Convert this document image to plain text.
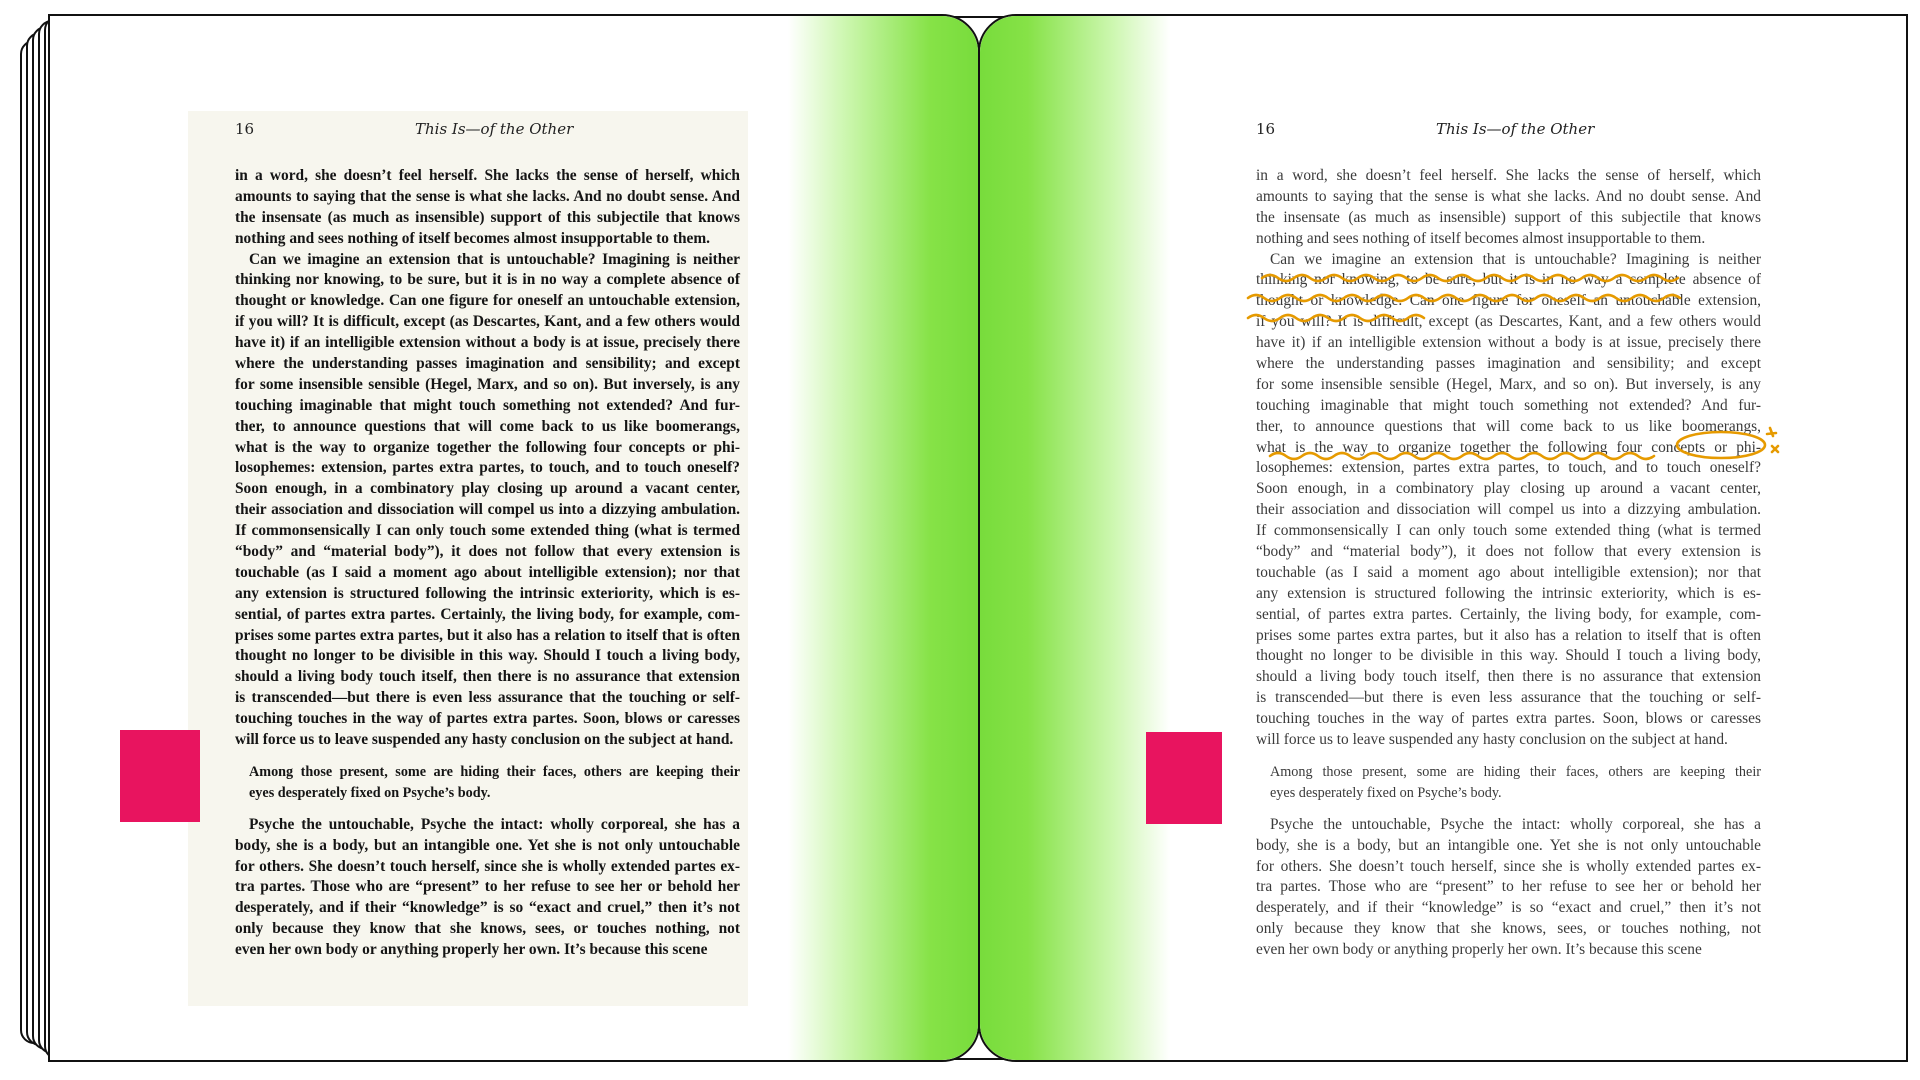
16	This Is—of the Other
in a word, she doesn’t feel herself. She lacks the sense of herself, which
amounts to saying that the sense is what she lacks. And no doubt sense. And
the insensate (as much as insensible) support of this subjectile that knows
nothing and sees nothing of itself becomes almost insupportable to them.
Can we imagine an extension that is untouchable? Imagining is neither
thinking nor knowing, to be sure, but it is in no way a complete absence of
thought or knowledge. Can one figure for oneself an untouchable extension,
if you will? It is difficult, except (as Descartes, Kant, and a few others would
have it) if an intelligible extension without a body is at issue, precisely there
where the understanding passes imagination and sensibility; and except
for some insensible sensible (Hegel, Marx, and so on). But inversely, is any
touching imaginable that might touch something not extended? And fur-
ther, to announce questions that will come back to us like boomerangs,
what is the way to organize together the following four concepts or phi-
losophemes: extension, partes extra partes, to touch, and to touch oneself?
Soon enough, in a combinatory play closing up around a vacant center,
their association and dissociation will compel us into a dizzying ambulation.
If commonsensically I can only touch some extended thing (what is termed
“body” and “material body”), it does not follow that every extension is
touchable (as I said a moment ago about intelligible extension); nor that
any extension is structured following the intrinsic exteriority, which is es-
sential, of partes extra partes. Certainly, the living body, for example, com-
prises some partes extra partes, but it also has a relation to itself that is often
thought no longer to be divisible in this way. Should I touch a living body,
should a living body touch itself, then there is no assurance that extension
is transcended—but there is even less assurance that the touching or self-
touching touches in the way of partes extra partes. Soon, blows or caresses
will force us to leave suspended any hasty conclusion on the subject at hand.
Among those present, some are hiding their faces, others are keeping their
eyes desperately fixed on Psyche’s body.
Psyche the untouchable, Psyche the intact: wholly corporeal, she has a
body, she is a body, but an intangible one. Yet she is not only untouchable
for others. She doesn’t touch herself, since she is wholly extended partes ex-
tra partes. Those who are “present” to her refuse to see her or behold her
desperately, and if their “knowledge” is so “exact and cruel,” then it’s not
only because they know that she knows, sees, or touches nothing, not
even her own body or anything properly her own. It’s because this scene
16	This Is—of the Other
in a word, she doesn’t feel herself. She lacks the sense of herself, which
amounts to saying that the sense is what she lacks. And no doubt sense. And
the insensate (as much as insensible) support of this subjectile that knows
nothing and sees nothing of itself becomes almost insupportable to them.
Can we imagine an extension that is untouchable? Imagining is neither
thinking nor knowing, to be sure, but it is in no way a complete absence of
thought or knowledge. Can one figure for oneself an untouchable extension,
if you will? It is difficult, except (as Descartes, Kant, and a few others would
have it) if an intelligible extension without a body is at issue, precisely there
where the understanding passes imagination and sensibility; and except
for some insensible sensible (Hegel, Marx, and so on). But inversely, is any
touching imaginable that might touch something not extended? And fur-
ther, to announce questions that will come back to us like boomerangs,
what is the way to organize together the following four concepts or phi-
losophemes: extension, partes extra partes, to touch, and to touch oneself?
Soon enough, in a combinatory play closing up around a vacant center,
their association and dissociation will compel us into a dizzying ambulation.
If commonsensically I can only touch some extended thing (what is termed
“body” and “material body”), it does not follow that every extension is
touchable (as I said a moment ago about intelligible extension); nor that
any extension is structured following the intrinsic exteriority, which is es-
sential, of partes extra partes. Certainly, the living body, for example, com-
prises some partes extra partes, but it also has a relation to itself that is often
thought no longer to be divisible in this way. Should I touch a living body,
should a living body touch itself, then there is no assurance that extension
is transcended—but there is even less assurance that the touching or self-
touching touches in the way of partes extra partes. Soon, blows or caresses
will force us to leave suspended any hasty conclusion on the subject at hand.
Among those present, some are hiding their faces, others are keeping their
eyes desperately fixed on Psyche’s body.
Psyche the untouchable, Psyche the intact: wholly corporeal, she has a
body, she is a body, but an intangible one. Yet she is not only untouchable
for others. She doesn’t touch herself, since she is wholly extended partes ex-
tra partes. Those who are “present” to her refuse to see her or behold her
desperately, and if their “knowledge” is so “exact and cruel,” then it’s not
only because they know that she knows, sees, or touches nothing, not
even her own body or anything properly her own. It’s because this scene
